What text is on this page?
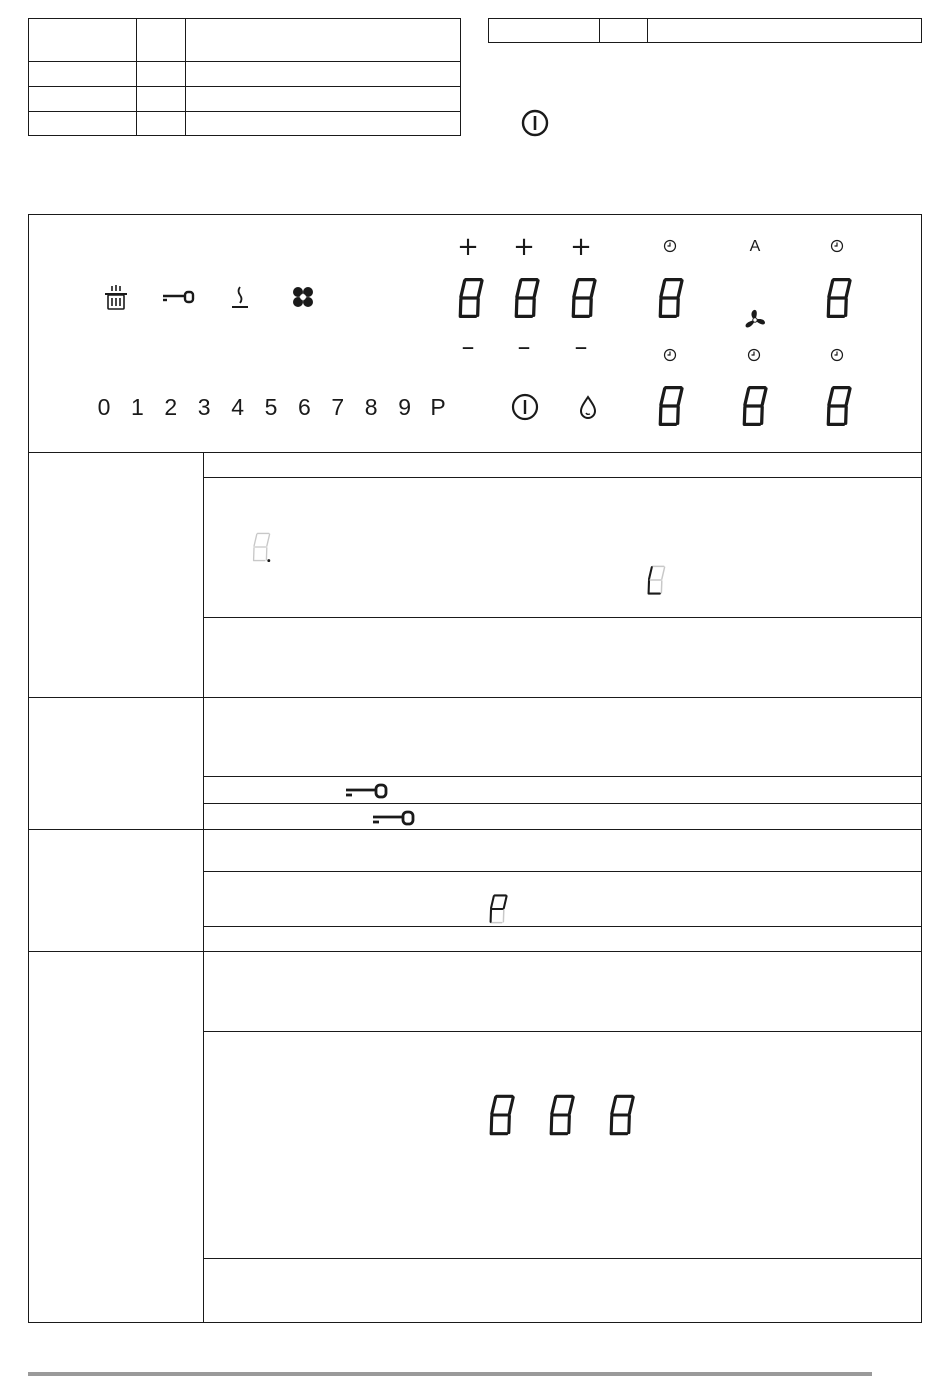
0 1 2 3 4 5 6 7 8 9 P
+ + +
– – –
A
